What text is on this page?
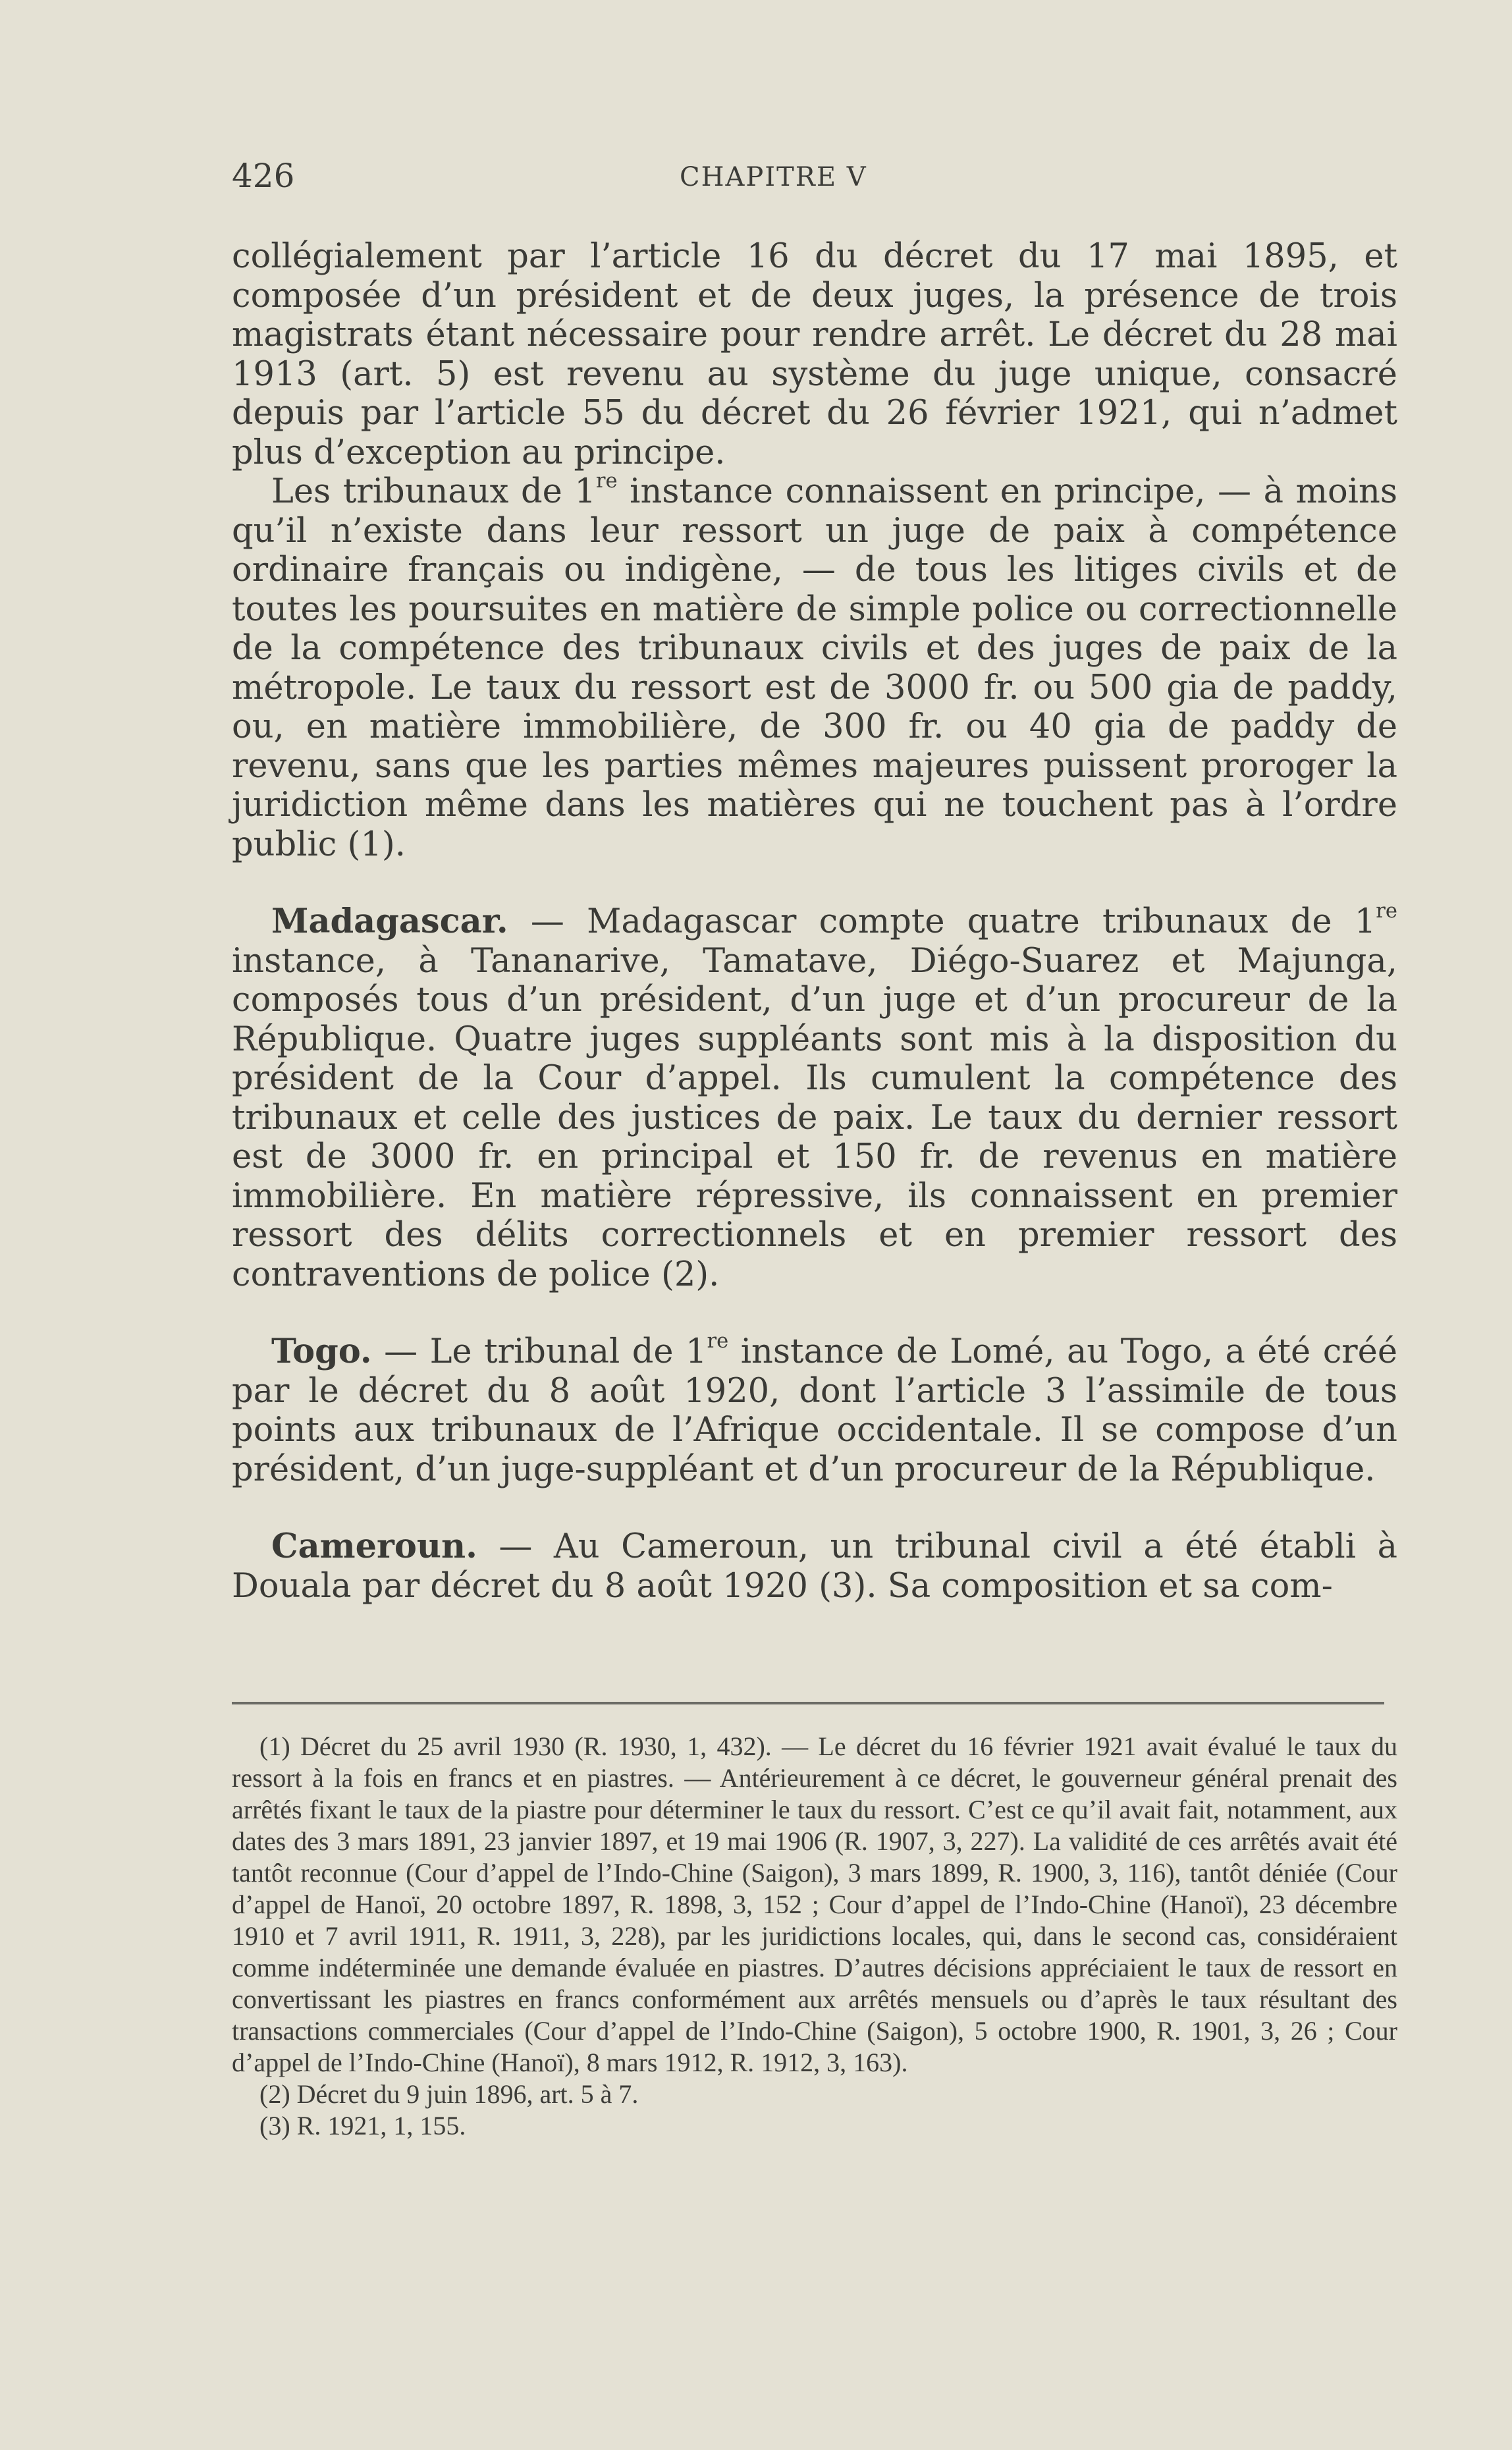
426	CHAPITRE V

collégialement par l’article 16 du décret du 17 mai 1895, et composée d’un président et de deux juges, la présence de trois magistrats étant nécessaire pour rendre arrêt. Le décret du 28 mai 1913 (art. 5) est revenu au système du juge unique, consacré depuis par l’article 55 du décret du 26 février 1921, qui n’admet plus d’exception au principe.

Les tribunaux de 1re instance connaissent en principe, — à moins qu’il n’existe dans leur ressort un juge de paix à compétence ordinaire français ou indigène, — de tous les litiges civils et de toutes les poursuites en matière de simple police ou correctionnelle de la compétence des tribunaux civils et des juges de paix de la métropole. Le taux du ressort est de 3000 fr. ou 500 gia de paddy, ou, en matière immobilière, de 300 fr. ou 40 gia de paddy de revenu, sans que les parties mêmes majeures puissent proroger la juridiction même dans les matières qui ne touchent pas à l’ordre public (1).

Madagascar. — Madagascar compte quatre tribunaux de 1re instance, à Tananarive, Tamatave, Diégo-Suarez et Majunga, composés tous d’un président, d’un juge et d’un procureur de la République. Quatre juges suppléants sont mis à la disposition du président de la Cour d’appel. Ils cumulent la compétence des tribunaux et celle des justices de paix. Le taux du dernier ressort est de 3000 fr. en principal et 150 fr. de revenus en matière immobilière. En matière répressive, ils connaissent en premier ressort des délits correctionnels et en premier ressort des contraventions de police (2).

Togo. — Le tribunal de 1re instance de Lomé, au Togo, a été créé par le décret du 8 août 1920, dont l’article 3 l’assimile de tous points aux tribunaux de l’Afrique occidentale. Il se compose d’un président, d’un juge-suppléant et d’un procureur de la République.

Cameroun. — Au Cameroun, un tribunal civil a été établi à Douala par décret du 8 août 1920 (3). Sa composition et sa com-

(1) Décret du 25 avril 1930 (R. 1930, 1, 432). — Le décret du 16 février 1921 avait évalué le taux du ressort à la fois en francs et en piastres. — Antérieurement à ce décret, le gouverneur général prenait des arrêtés fixant le taux de la piastre pour déterminer le taux du ressort. C’est ce qu’il avait fait, notamment, aux dates des 3 mars 1891, 23 janvier 1897, et 19 mai 1906 (R. 1907, 3, 227). La validité de ces arrêtés avait été tantôt reconnue (Cour d’appel de l’Indo-Chine (Saigon), 3 mars 1899, R. 1900, 3, 116), tantôt déniée (Cour d’appel de Hanoï, 20 octobre 1897, R. 1898, 3, 152 ; Cour d’appel de l’Indo-Chine (Hanoï), 23 décembre 1910 et 7 avril 1911, R. 1911, 3, 228), par les juridictions locales, qui, dans le second cas, considéraient comme indéterminée une demande évaluée en piastres. D’autres décisions appréciaient le taux de ressort en convertissant les piastres en francs conformément aux arrêtés mensuels ou d’après le taux résultant des transactions commerciales (Cour d’appel de l’Indo-Chine (Saigon), 5 octobre 1900, R. 1901, 3, 26 ; Cour d’appel de l’Indo-Chine (Hanoï), 8 mars 1912, R. 1912, 3, 163).

(2) Décret du 9 juin 1896, art. 5 à 7.

(3) R. 1921, 1, 155.
